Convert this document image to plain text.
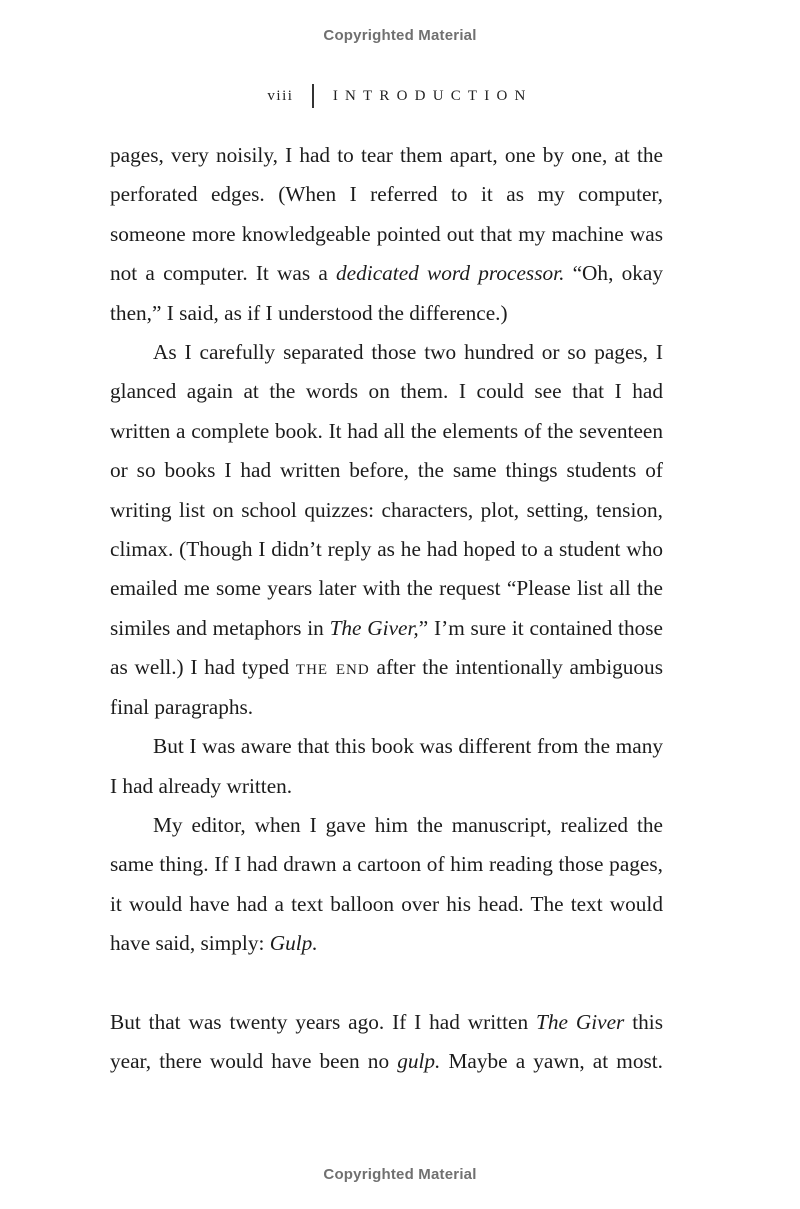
Copyrighted Material
viii	INTRODUCTION

pages, very noisily, I had to tear them apart, one by one, at the perforated edges. (When I referred to it as my computer, someone more knowledgeable pointed out that my machine was not a computer. It was a dedicated word processor. “Oh, okay then,” I said, as if I understood the difference.)

As I carefully separated those two hundred or so pages, I glanced again at the words on them. I could see that I had written a complete book. It had all the elements of the seventeen or so books I had written before, the same things students of writing list on school quizzes: characters, plot, setting, tension, climax. (Though I didn’t reply as he had hoped to a student who emailed me some years later with the request “Please list all the similes and metaphors in The Giver,” I’m sure it contained those as well.) I had typed the end after the intentionally ambiguous final paragraphs.

But I was aware that this book was different from the many I had already written.

My editor, when I gave him the manuscript, realized the same thing. If I had drawn a cartoon of him reading those pages, it would have had a text balloon over his head. The text would have said, simply: Gulp.

But that was twenty years ago. If I had written The Giver this year, there would have been no gulp. Maybe a yawn, at most.

Copyrighted Material
